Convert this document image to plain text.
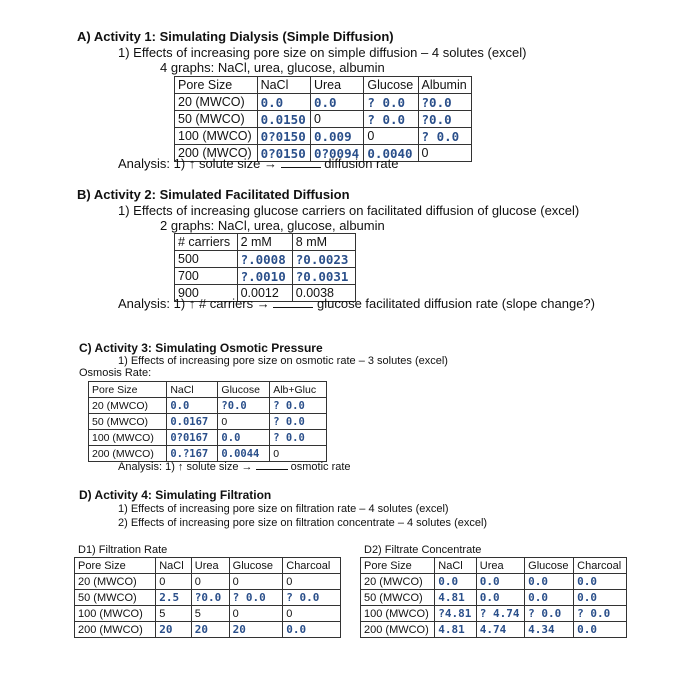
A) Activity 1: Simulating Dialysis (Simple Diffusion)
1) Effects of increasing pore size on simple diffusion – 4 solutes (excel)
4 graphs: NaCl, urea, glucose, albumin
Pore Size	NaCl	Urea	Glucose	Albumin
20 (MWCO)	0.0	0.0	? 0.0	?0.0
50 (MWCO)	0.0150	0	? 0.0	?0.0
100 (MWCO)	0?0150	0.009	0	? 0.0
200 (MWCO)	0?0150	0?0094	0.0040	0
Analysis: 1) ↑ solute size →	diffusion rate
B) Activity 2: Simulated Facilitated Diffusion
1) Effects of increasing glucose carriers on facilitated diffusion of glucose (excel)
2 graphs: NaCl, urea, glucose, albumin
# carriers	2 mM	8 mM
500	?.0008	?0.0023
700	?.0010	?0.0031
900	0.0012	0.0038
Analysis: 1) ↑ # carriers →	glucose facilitated diffusion rate (slope change?)
C) Activity 3: Simulating Osmotic Pressure
1) Effects of increasing pore size on osmotic rate – 3 solutes (excel)
Osmosis Rate:
Pore Size	NaCl	Glucose	Alb+Gluc
20 (MWCO)	0.0	?0.0	? 0.0
50 (MWCO)	0.0167	0	? 0.0
100 (MWCO)	0?0167	0.0	? 0.0
200 (MWCO)	0.?167	0.0044	0
Analysis: 1) ↑ solute size →	osmotic rate
D) Activity 4: Simulating Filtration
1) Effects of increasing pore size on filtration rate – 4 solutes (excel)
2) Effects of increasing pore size on filtration concentrate – 4 solutes (excel)
D1) Filtration Rate
Pore Size	NaCl	Urea	Glucose	Charcoal
20 (MWCO)	0	0	0	0
50 (MWCO)	2.5	?0.0	? 0.0	? 0.0
100 (MWCO)	5	5	0	0
200 (MWCO)	20	20	20	0.0
D2) Filtrate Concentrate
Pore Size	NaCl	Urea	Glucose	Charcoal
20 (MWCO)	0.0	0.0	0.0	0.0
50 (MWCO)	4.81	0.0	0.0	0.0
100 (MWCO)	?4.81	? 4.74	? 0.0	? 0.0
200 (MWCO)	4.81	4.74	4.34	0.0
